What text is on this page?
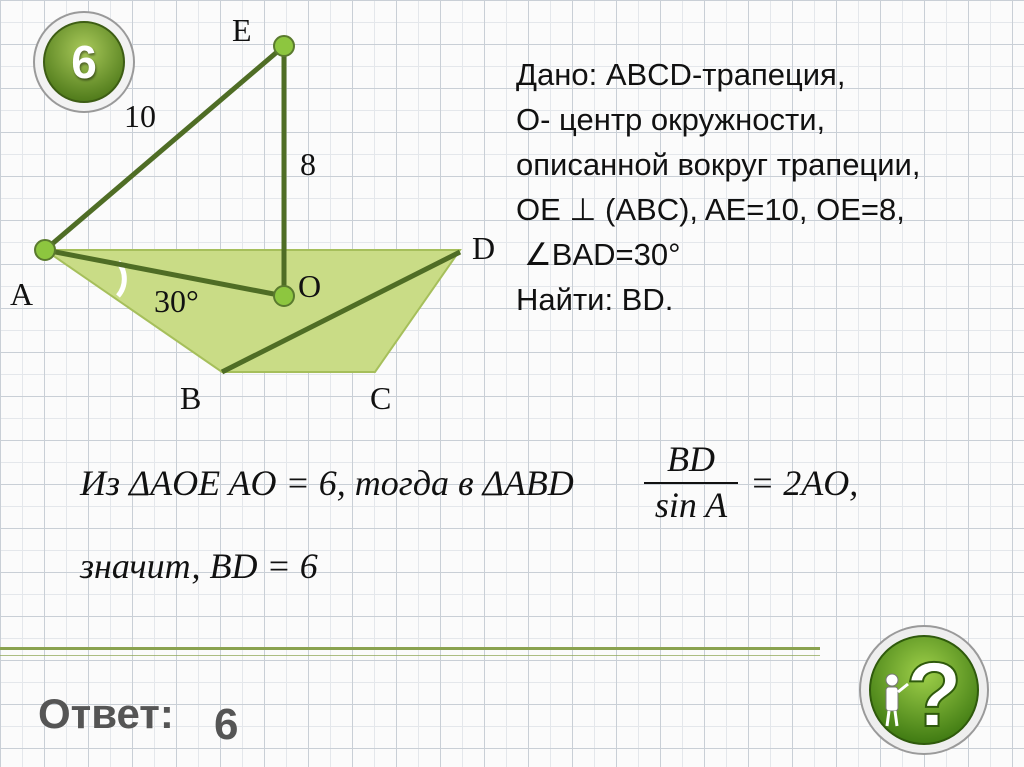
6
E
A
D
O
B	C
10
8
30°
Дано: ABCD-трапеция,
O- центр окружности,
описанной вокруг трапеции,
OE ⊥ (ABC), AE=10, OE=8,
∠BAD=30°
Найти: BD.
Из ΔAOE AO = 6, тогда в ΔABD
BD
sin A
= 2AO,
значит, BD = 6
Ответ: 6	?
